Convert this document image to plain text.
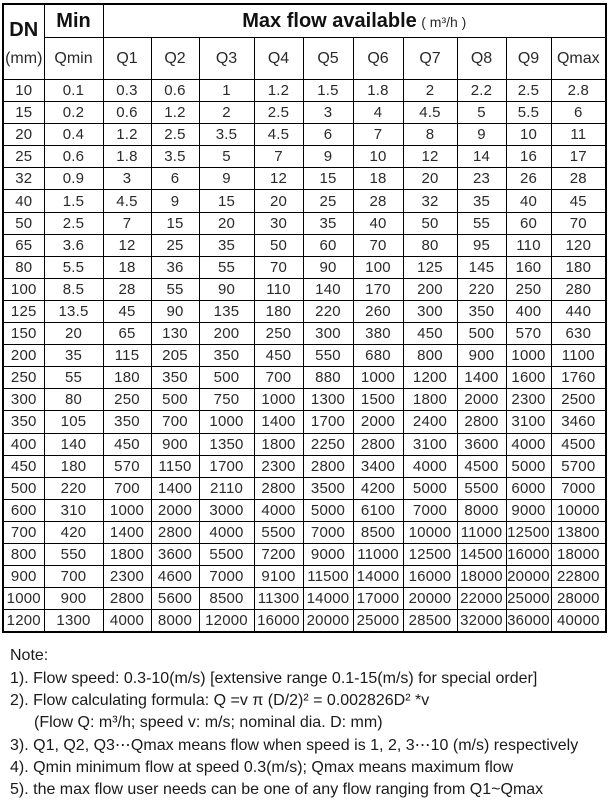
DN
(mm)	Min	Max flow available ( m³/h )									
	Qmin	Q1	Q2	Q3	Q4	Q5	Q6	Q7	Q8	Q9	Qmax
10	0.1	0.3	0.6	1	1.2	1.5	1.8	2	2.2	2.5	2.8
15	0.2	0.6	1.2	2	2.5	3	4	4.5	5	5.5	6
20	0.4	1.2	2.5	3.5	4.5	6	7	8	9	10	11
25	0.6	1.8	3.5	5	7	9	10	12	14	16	17
32	0.9	3	6	9	12	15	18	20	23	26	28
40	1.5	4.5	9	15	20	25	28	32	35	40	45
50	2.5	7	15	20	30	35	40	50	55	60	70
65	3.6	12	25	35	50	60	70	80	95	110	120
80	5.5	18	36	55	70	90	100	125	145	160	180
100	8.5	28	55	90	110	140	170	200	220	250	280
125	13.5	45	90	135	180	220	260	300	350	400	440
150	20	65	130	200	250	300	380	450	500	570	630
200	35	115	205	350	450	550	680	800	900	1000	1100
250	55	180	350	500	700	880	1000	1200	1400	1600	1760
300	80	250	500	750	1000	1300	1500	1800	2000	2300	2500
350	105	350	700	1000	1400	1700	2000	2400	2800	3100	3460
400	140	450	900	1350	1800	2250	2800	3100	3600	4000	4500
450	180	570	1150	1700	2300	2800	3400	4000	4500	5000	5700
500	220	700	1400	2110	2800	3500	4200	5000	5500	6000	7000
600	310	1000	2000	3000	4000	5000	6100	7000	8000	9000	10000
700	420	1400	2800	4000	5500	7000	8500	10000	11000	12500	13800
800	550	1800	3600	5500	7200	9000	11000	12500	14500	16000	18000
900	700	2300	4600	7000	9100	11500	14000	16000	18000	20000	22800
1000	900	2800	5600	8500	11300	14000	17000	20000	22000	25000	28000
1200	1300	4000	8000	12000	16000	20000	25000	28500	32000	36000	40000
Note:
1). Flow speed: 0.3-10(m/s) [extensive range 0.1-15(m/s) for special order]
2). Flow calculating formula: Q =v π (D/2)² = 0.002826D² *v
(Flow Q: m³/h; speed v: m/s; nominal dia. D: mm)
3). Q1, Q2, Q3⋯Qmax means flow when speed is 1, 2, 3⋯10 (m/s) respectively
4). Qmin minimum flow at speed 0.3(m/s); Qmax means maximum flow
5). the max flow user needs can be one of any flow ranging from Q1~Qmax
